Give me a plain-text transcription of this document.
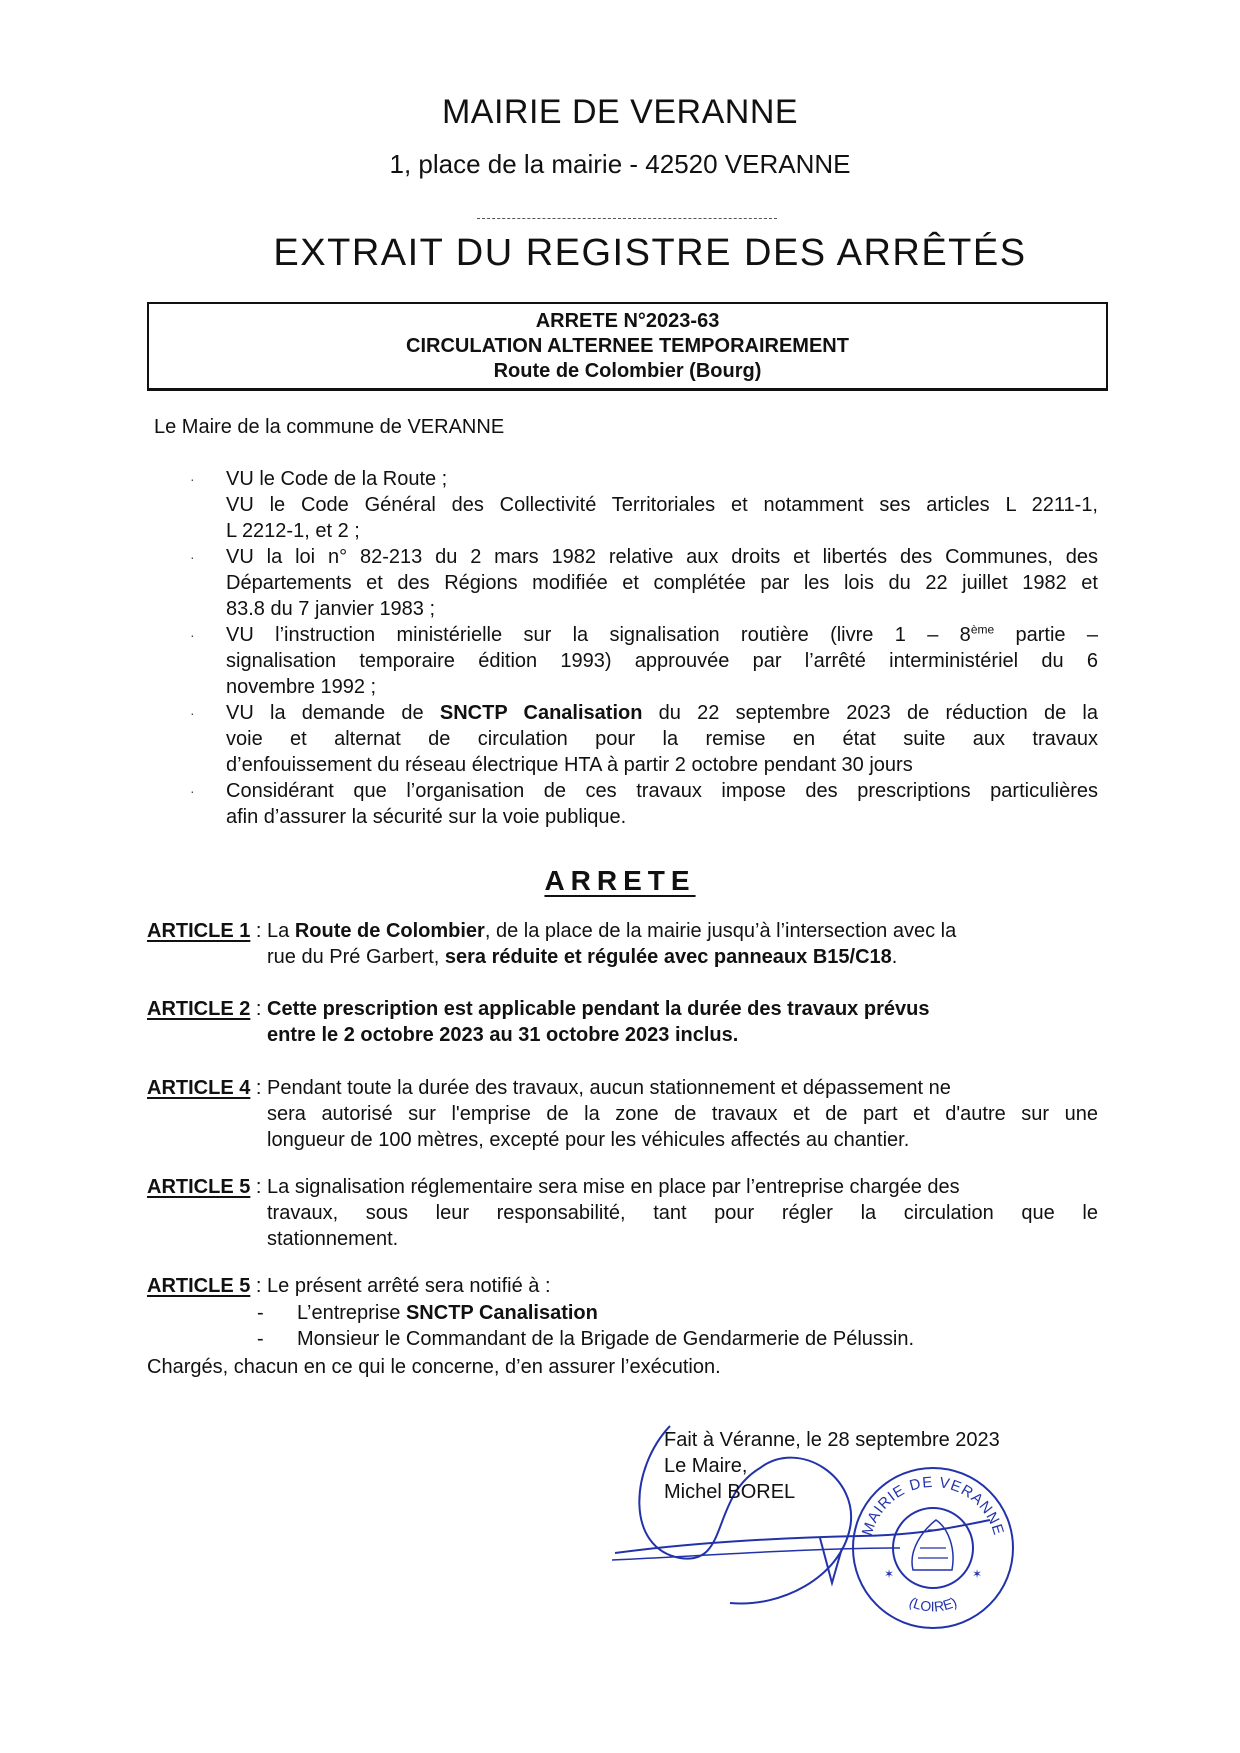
MAIRIE DE VERANNE
1, place de la mairie - 42520 VERANNE
EXTRAIT DU REGISTRE DES ARRÊTÉS
ARRETE N°2023-63
CIRCULATION ALTERNEE TEMPORAIREMENT
Route de Colombier (Bourg)
Le Maire de la commune de VERANNE
· VU le Code de la Route ;
VU le Code Général des Collectivité Territoriales et notamment ses articles L 2211-1,
L 2212-1, et 2 ;
· VU la loi n° 82-213 du 2 mars 1982 relative aux droits et libertés des Communes, des
Départements et des Régions modifiée et complétée par les lois du 22 juillet 1982 et
83.8 du 7 janvier 1983 ;
· VU l’instruction ministérielle sur la signalisation routière (livre 1 – 8ème partie –
signalisation temporaire édition 1993) approuvée par l’arrêté interministériel du 6
novembre 1992 ;
· VU la demande de SNCTP Canalisation du 22 septembre 2023 de réduction de la
voie et alternat de circulation pour la remise en état suite aux travaux
d’enfouissement du réseau électrique HTA à partir 2 octobre pendant 30 jours
· Considérant que l’organisation de ces travaux impose des prescriptions particulières
afin d’assurer la sécurité sur la voie publique.
ARRETE
ARTICLE 1 : La Route de Colombier, de la place de la mairie jusqu’à l’intersection avec la
rue du Pré Garbert, sera réduite et régulée avec panneaux B15/C18.
ARTICLE 2 : Cette prescription est applicable pendant la durée des travaux prévus
entre le 2 octobre 2023 au 31 octobre 2023 inclus.
ARTICLE 4 : Pendant toute la durée des travaux, aucun stationnement et dépassement ne
sera autorisé sur l'emprise de la zone de travaux et de part et d'autre sur une
longueur de 100 mètres, excepté pour les véhicules affectés au chantier.
ARTICLE 5 : La signalisation réglementaire sera mise en place par l’entreprise chargée des
travaux, sous leur responsabilité, tant pour régler la circulation que le
stationnement.
ARTICLE 5 : Le présent arrêté sera notifié à :
- L’entreprise SNCTP Canalisation
- Monsieur le Commandant de la Brigade de Gendarmerie de Pélussin.
Chargés, chacun en ce qui le concerne, d’en assurer l’exécution.
Fait à Véranne, le 28 septembre 2023
Le Maire,
Michel BOREL
MAIRIE DE VERANNE
(LOIRE)
✶	✶
